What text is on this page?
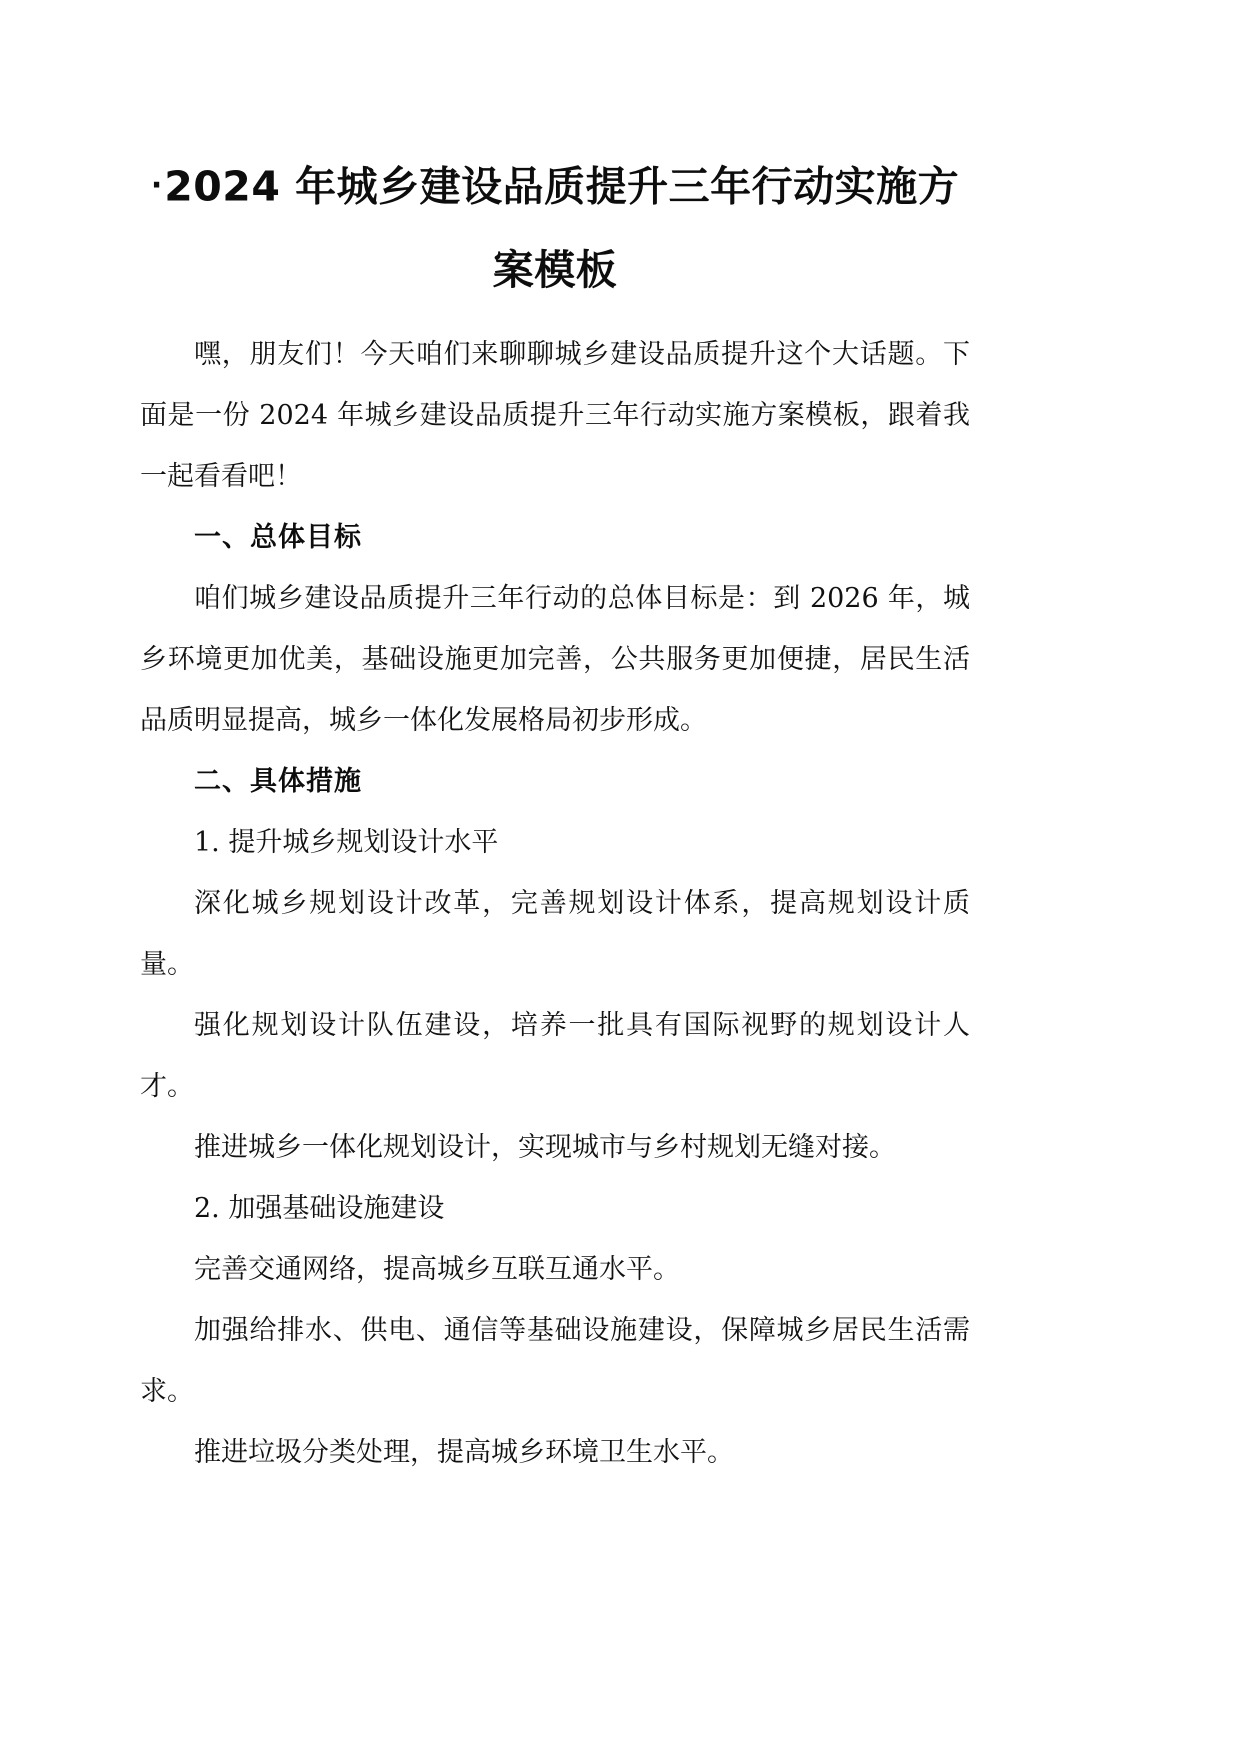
·2024 年城乡建设品质提升三年行动实施方案模板

嘿，朋友们！今天咱们来聊聊城乡建设品质提升这个大话题。下面是一份 2024 年城乡建设品质提升三年行动实施方案模板，跟着我一起看看吧！

一、总体目标

咱们城乡建设品质提升三年行动的总体目标是：到 2026 年，城乡环境更加优美，基础设施更加完善，公共服务更加便捷，居民生活品质明显提高，城乡一体化发展格局初步形成。

二、具体措施

1. 提升城乡规划设计水平

深化城乡规划设计改革，完善规划设计体系，提高规划设计质量。

强化规划设计队伍建设，培养一批具有国际视野的规划设计人才。

推进城乡一体化规划设计，实现城市与乡村规划无缝对接。

2. 加强基础设施建设

完善交通网络，提高城乡互联互通水平。

加强给排水、供电、通信等基础设施建设，保障城乡居民生活需求。

推进垃圾分类处理，提高城乡环境卫生水平。
